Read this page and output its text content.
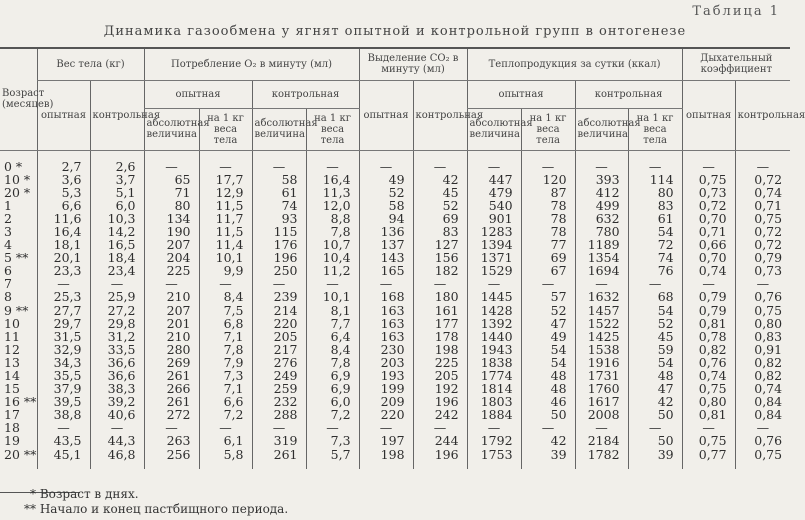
Таблица 1
Динамика газообмена у ягнят опытной и контрольной групп в онтогенезе
Возраст (месяцев)	Вес тела (кг)		Потребление O₂ в минуту (мл)				Выделение CO₂ в минуту (мл)		Теплопродукция за сутки (ккал)				Дыхательный коэффициент	
	опытная	контрольная	опытная		контрольная		опытная	контрольная	опытная		контрольная		опытная	контрольная
			абсолютная величина	на 1 кг веса тела	абсолютная величина	на 1 кг веса тела			абсолютная величина	на 1 кг веса тела	абсолютная величина	на 1 кг веса тела		
0 *	2,7	2,6	—	—	—	—	—	—	—	—	—	—	—	—
10 *	3,6	3,7	65	17,7	58	16,4	49	42	447	120	393	114	0,75	0,72
20 *	5,3	5,1	71	12,9	61	11,3	52	45	479	87	412	80	0,73	0,74
1	6,6	6,0	80	11,5	74	12,0	58	52	540	78	499	83	0,72	0,71
2	11,6	10,3	134	11,7	93	8,8	94	69	901	78	632	61	0,70	0,75
3	16,4	14,2	190	11,5	115	7,8	136	83	1283	78	780	54	0,71	0,72
4	18,1	16,5	207	11,4	176	10,7	137	127	1394	77	1189	72	0,66	0,72
5 **	20,1	18,4	204	10,1	196	10,4	143	156	1371	69	1354	74	0,70	0,79
6	23,3	23,4	225	9,9	250	11,2	165	182	1529	67	1694	76	0,74	0,73
7	—	—	—	—	—	—	—	—	—	—	—	—	—	—
8	25,3	25,9	210	8,4	239	10,1	168	180	1445	57	1632	68	0,79	0,76
9 **	27,7	27,2	207	7,5	214	8,1	163	161	1428	52	1457	54	0,79	0,75
10	29,7	29,8	201	6,8	220	7,7	163	177	1392	47	1522	52	0,81	0,80
11	31,5	31,2	210	7,1	205	6,4	163	178	1440	49	1425	45	0,78	0,83
12	32,9	33,5	280	7,8	217	8,4	230	198	1943	54	1538	59	0,82	0,91
13	34,3	36,6	269	7,9	276	7,8	203	225	1838	54	1916	54	0,76	0,82
14	35,5	36,6	261	7,3	249	6,9	193	205	1774	48	1731	48	0,74	0,82
15	37,9	38,3	266	7,1	259	6,9	199	192	1814	48	1760	47	0,75	0,74
16 **	39,5	39,2	261	6,6	232	6,0	209	196	1803	46	1617	42	0,80	0,84
17	38,8	40,6	272	7,2	288	7,2	220	242	1884	50	2008	50	0,81	0,84
18	—	—	—	—	—	—	—	—	—	—	—	—	—	—
19	43,5	44,3	263	6,1	319	7,3	197	244	1792	42	2184	50	0,75	0,76
20 **	45,1	46,8	256	5,8	261	5,7	198	196	1753	39	1782	39	0,77	0,75
* Возраст в днях.
** Начало и конец пастбищного периода.
